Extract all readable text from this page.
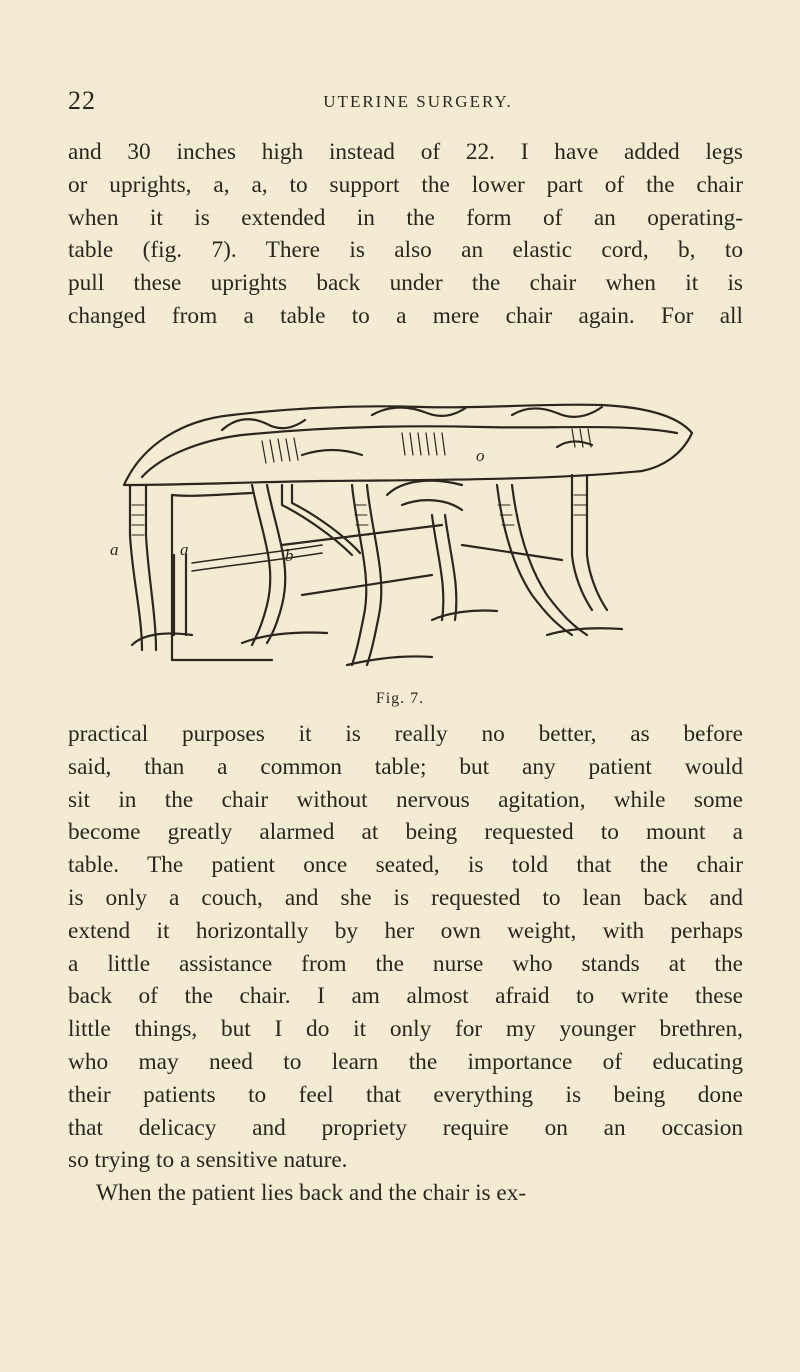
22	UTERINE SURGERY.
and 30 inches high instead of 22. I have added legs
or uprights, a, a, to support the lower part of the chair
when it is extended in the form of an operating-
table (fig. 7). There is also an elastic cord, b, to
pull these uprights back under the chair when it is
changed from a table to a mere chair again. For all
a	a	b
o
Fig. 7.
practical purposes it is really no better, as before
said, than a common table; but any patient would
sit in the chair without nervous agitation, while some
become greatly alarmed at being requested to mount a
table. The patient once seated, is told that the chair
is only a couch, and she is requested to lean back and
extend it horizontally by her own weight, with perhaps
a little assistance from the nurse who stands at the
back of the chair. I am almost afraid to write these
little things, but I do it only for my younger brethren,
who may need to learn the importance of educating
their patients to feel that everything is being done
that delicacy and propriety require on an occasion
so trying to a sensitive nature.
When the patient lies back and the chair is ex-
